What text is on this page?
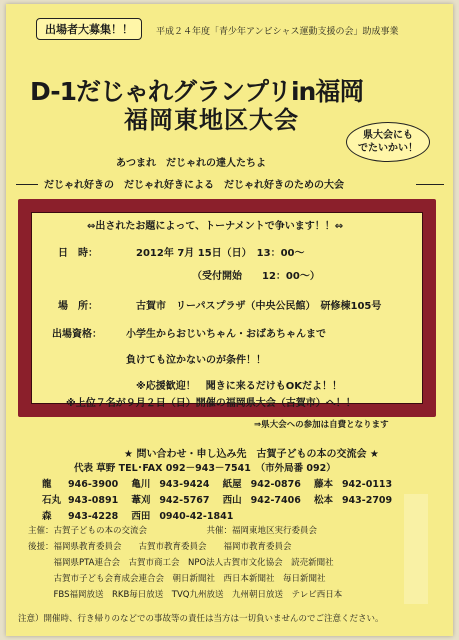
出場者大募集！！	平成２４年度「青少年アンビシャス運動支援の会」助成事業
D-1だじゃれグランプリin福岡
福岡東地区大会
県大会にも
でたいかい！
あつまれ　だじゃれの達人たちよ
だじゃれ好きの　だじゃれ好きによる　だじゃれ好きのための大会
⇔出されたお題によって、トーナメントで争います！！⇔
日　時：	2012年 7月 15日（日）　13：00～
（受付開始　　12：00～）
場　所：	古賀市　リーパスプラザ（中央公民館）　研修棟105号
出場資格： 小学生からおじいちゃん・おばあちゃんまで
負けても泣かないのが条件！！
※応援歓迎！　聞きに来るだけもOKだよ！！
※上位７名が９月２日（日）開催の福岡県大会（古賀市）へ！！
⇒県大会への参加は自費となります
★ 問い合わせ・申し込み先　古賀子どもの本の交流会 ★
代表 草野 TEL･FAX 092－943－7541　（市外局番 092）
龍 946-3900 亀川 943-9424 紙屋 942-0876 藤本 942-0113
石丸 943-0891 葦刈 942-5767 西山 942-7406 松本 943-2709
森 943-4228 西田 0940-42-1841
主催：古賀子どもの本の交流会　　　　　　　共催：福岡東地区実行委員会
後援：福岡県教育委員会　　古賀市教育委員会　　福岡市教育委員会
　　　福岡県PTA連合会　古賀市商工会　NPO法人古賀市文化協会　読売新聞社
　　　古賀市子ども会育成会連合会　朝日新聞社　西日本新聞社　毎日新聞社
　　　FBS福岡放送　RKB毎日放送　TVQ九州放送　九州朝日放送　テレビ西日本
注意）開催時、行き帰りのなどでの事故等の責任は当方は一切負いませんのでご注意ください。
